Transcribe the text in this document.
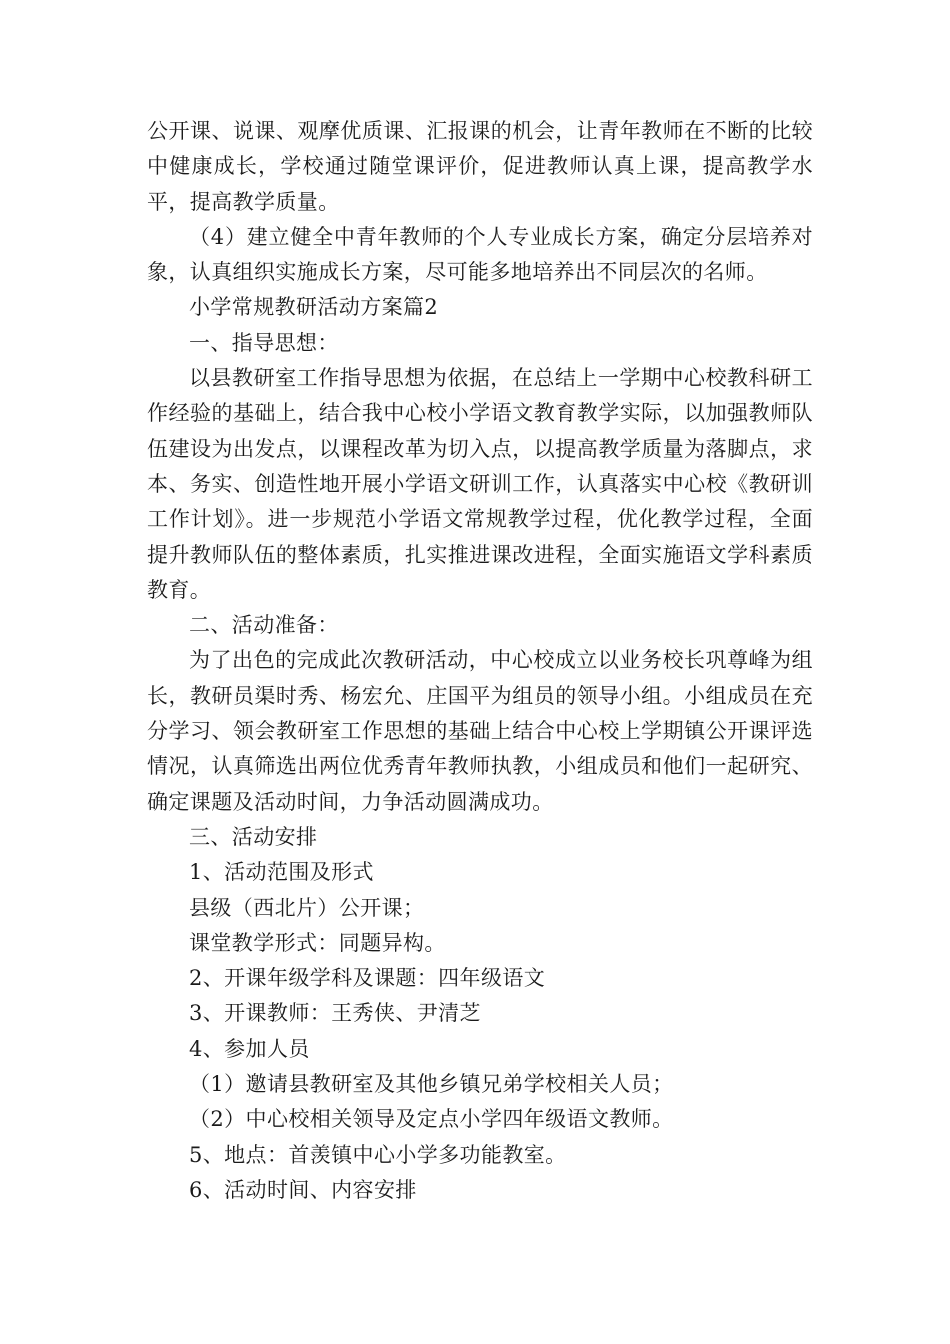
公开课、说课、观摩优质课、汇报课的机会，让青年教师在不断的比较中健康成长，学校通过随堂课评价，促进教师认真上课，提高教学水平，提高教学质量。

（4）建立健全中青年教师的个人专业成长方案，确定分层培养对象，认真组织实施成长方案，尽可能多地培养出不同层次的名师。

小学常规教研活动方案篇2

一、指导思想：

以县教研室工作指导思想为依据，在总结上一学期中心校教科研工作经验的基础上，结合我中心校小学语文教育教学实际，以加强教师队伍建设为出发点，以课程改革为切入点，以提高教学质量为落脚点，求本、务实、创造性地开展小学语文研训工作，认真落实中心校《教研训工作计划》。进一步规范小学语文常规教学过程，优化教学过程，全面提升教师队伍的整体素质，扎实推进课改进程，全面实施语文学科素质教育。

二、活动准备：

为了出色的完成此次教研活动，中心校成立以业务校长巩尊峰为组长，教研员渠时秀、杨宏允、庄国平为组员的领导小组。小组成员在充分学习、领会教研室工作思想的基础上结合中心校上学期镇公开课评选情况，认真筛选出两位优秀青年教师执教，小组成员和他们一起研究、确定课题及活动时间，力争活动圆满成功。

三、活动安排

1、活动范围及形式

县级（西北片）公开课；

课堂教学形式：同题异构。

2、开课年级学科及课题：四年级语文

3、开课教师：王秀侠、尹清芝

4、参加人员

（1）邀请县教研室及其他乡镇兄弟学校相关人员；

（2）中心校相关领导及定点小学四年级语文教师。

5、地点：首羡镇中心小学多功能教室。

6、活动时间、内容安排
